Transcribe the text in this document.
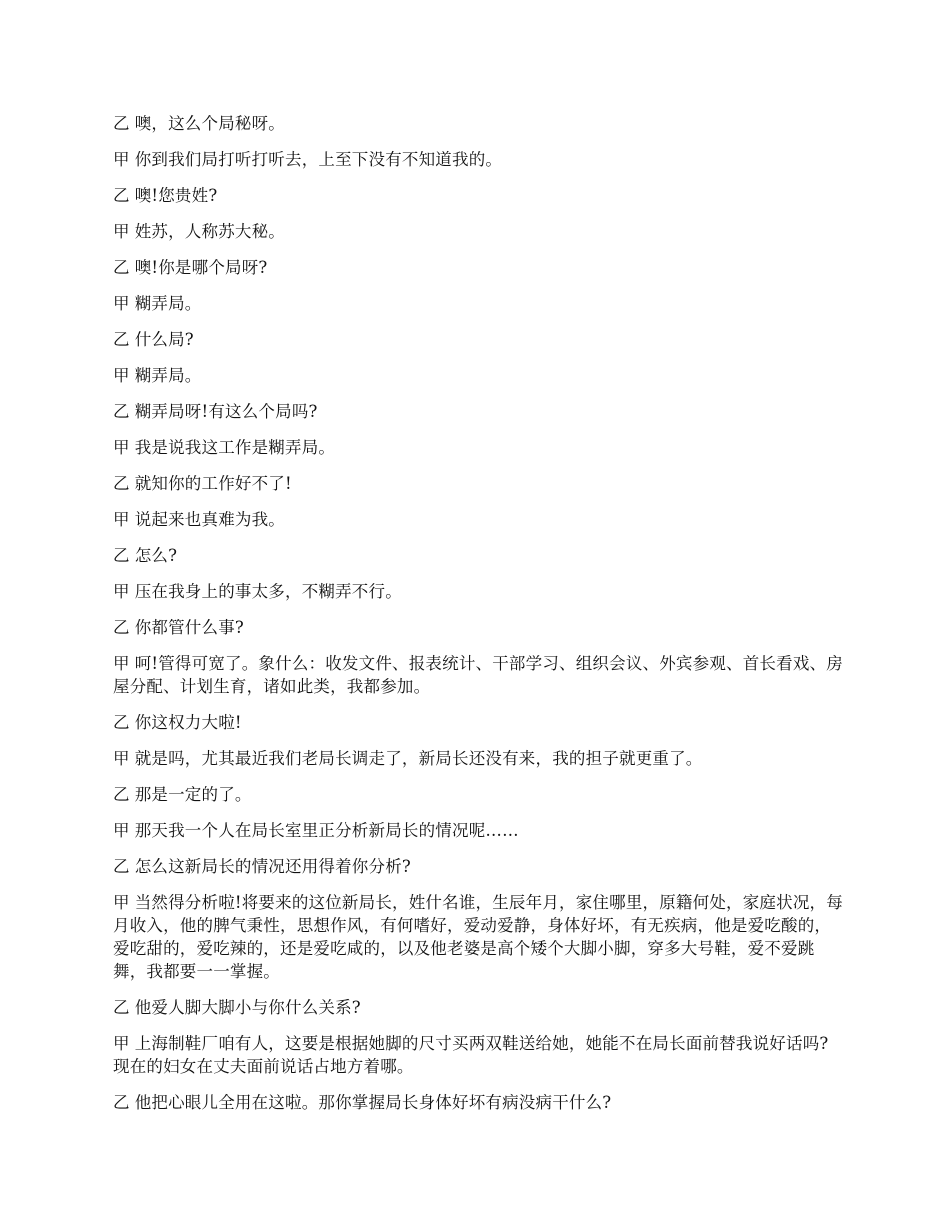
乙 噢，这么个局秘呀。

甲 你到我们局打听打听去，上至下没有不知道我的。

乙 噢!您贵姓?

甲 姓苏，人称苏大秘。

乙 噢!你是哪个局呀?

甲 糊弄局。

乙 什么局?

甲 糊弄局。

乙 糊弄局呀!有这么个局吗?

甲 我是说我这工作是糊弄局。

乙 就知你的工作好不了!

甲 说起来也真难为我。

乙 怎么?

甲 压在我身上的事太多，不糊弄不行。

乙 你都管什么事?

甲 呵!管得可宽了。象什么：收发文件、报表统计、干部学习、组织会议、外宾参观、首长看戏、房屋分配、计划生育，诸如此类，我都参加。

乙 你这权力大啦!

甲 就是吗，尤其最近我们老局长调走了，新局长还没有来，我的担子就更重了。

乙 那是一定的了。

甲 那天我一个人在局长室里正分析新局长的情况呢……

乙 怎么这新局长的情况还用得着你分析?

甲 当然得分析啦!将要来的这位新局长，姓什名谁，生辰年月，家住哪里，原籍何处，家庭状况，每月收入，他的脾气秉性，思想作风，有何嗜好，爱动爱静，身体好坏，有无疾病，他是爱吃酸的，爱吃甜的，爱吃辣的，还是爱吃咸的，以及他老婆是高个矮个大脚小脚，穿多大号鞋，爱不爱跳舞，我都要一一掌握。

乙 他爱人脚大脚小与你什么关系?

甲 上海制鞋厂咱有人，这要是根据她脚的尺寸买两双鞋送给她，她能不在局长面前替我说好话吗?现在的妇女在丈夫面前说话占地方着哪。

乙 他把心眼儿全用在这啦。那你掌握局长身体好坏有病没病干什么?
